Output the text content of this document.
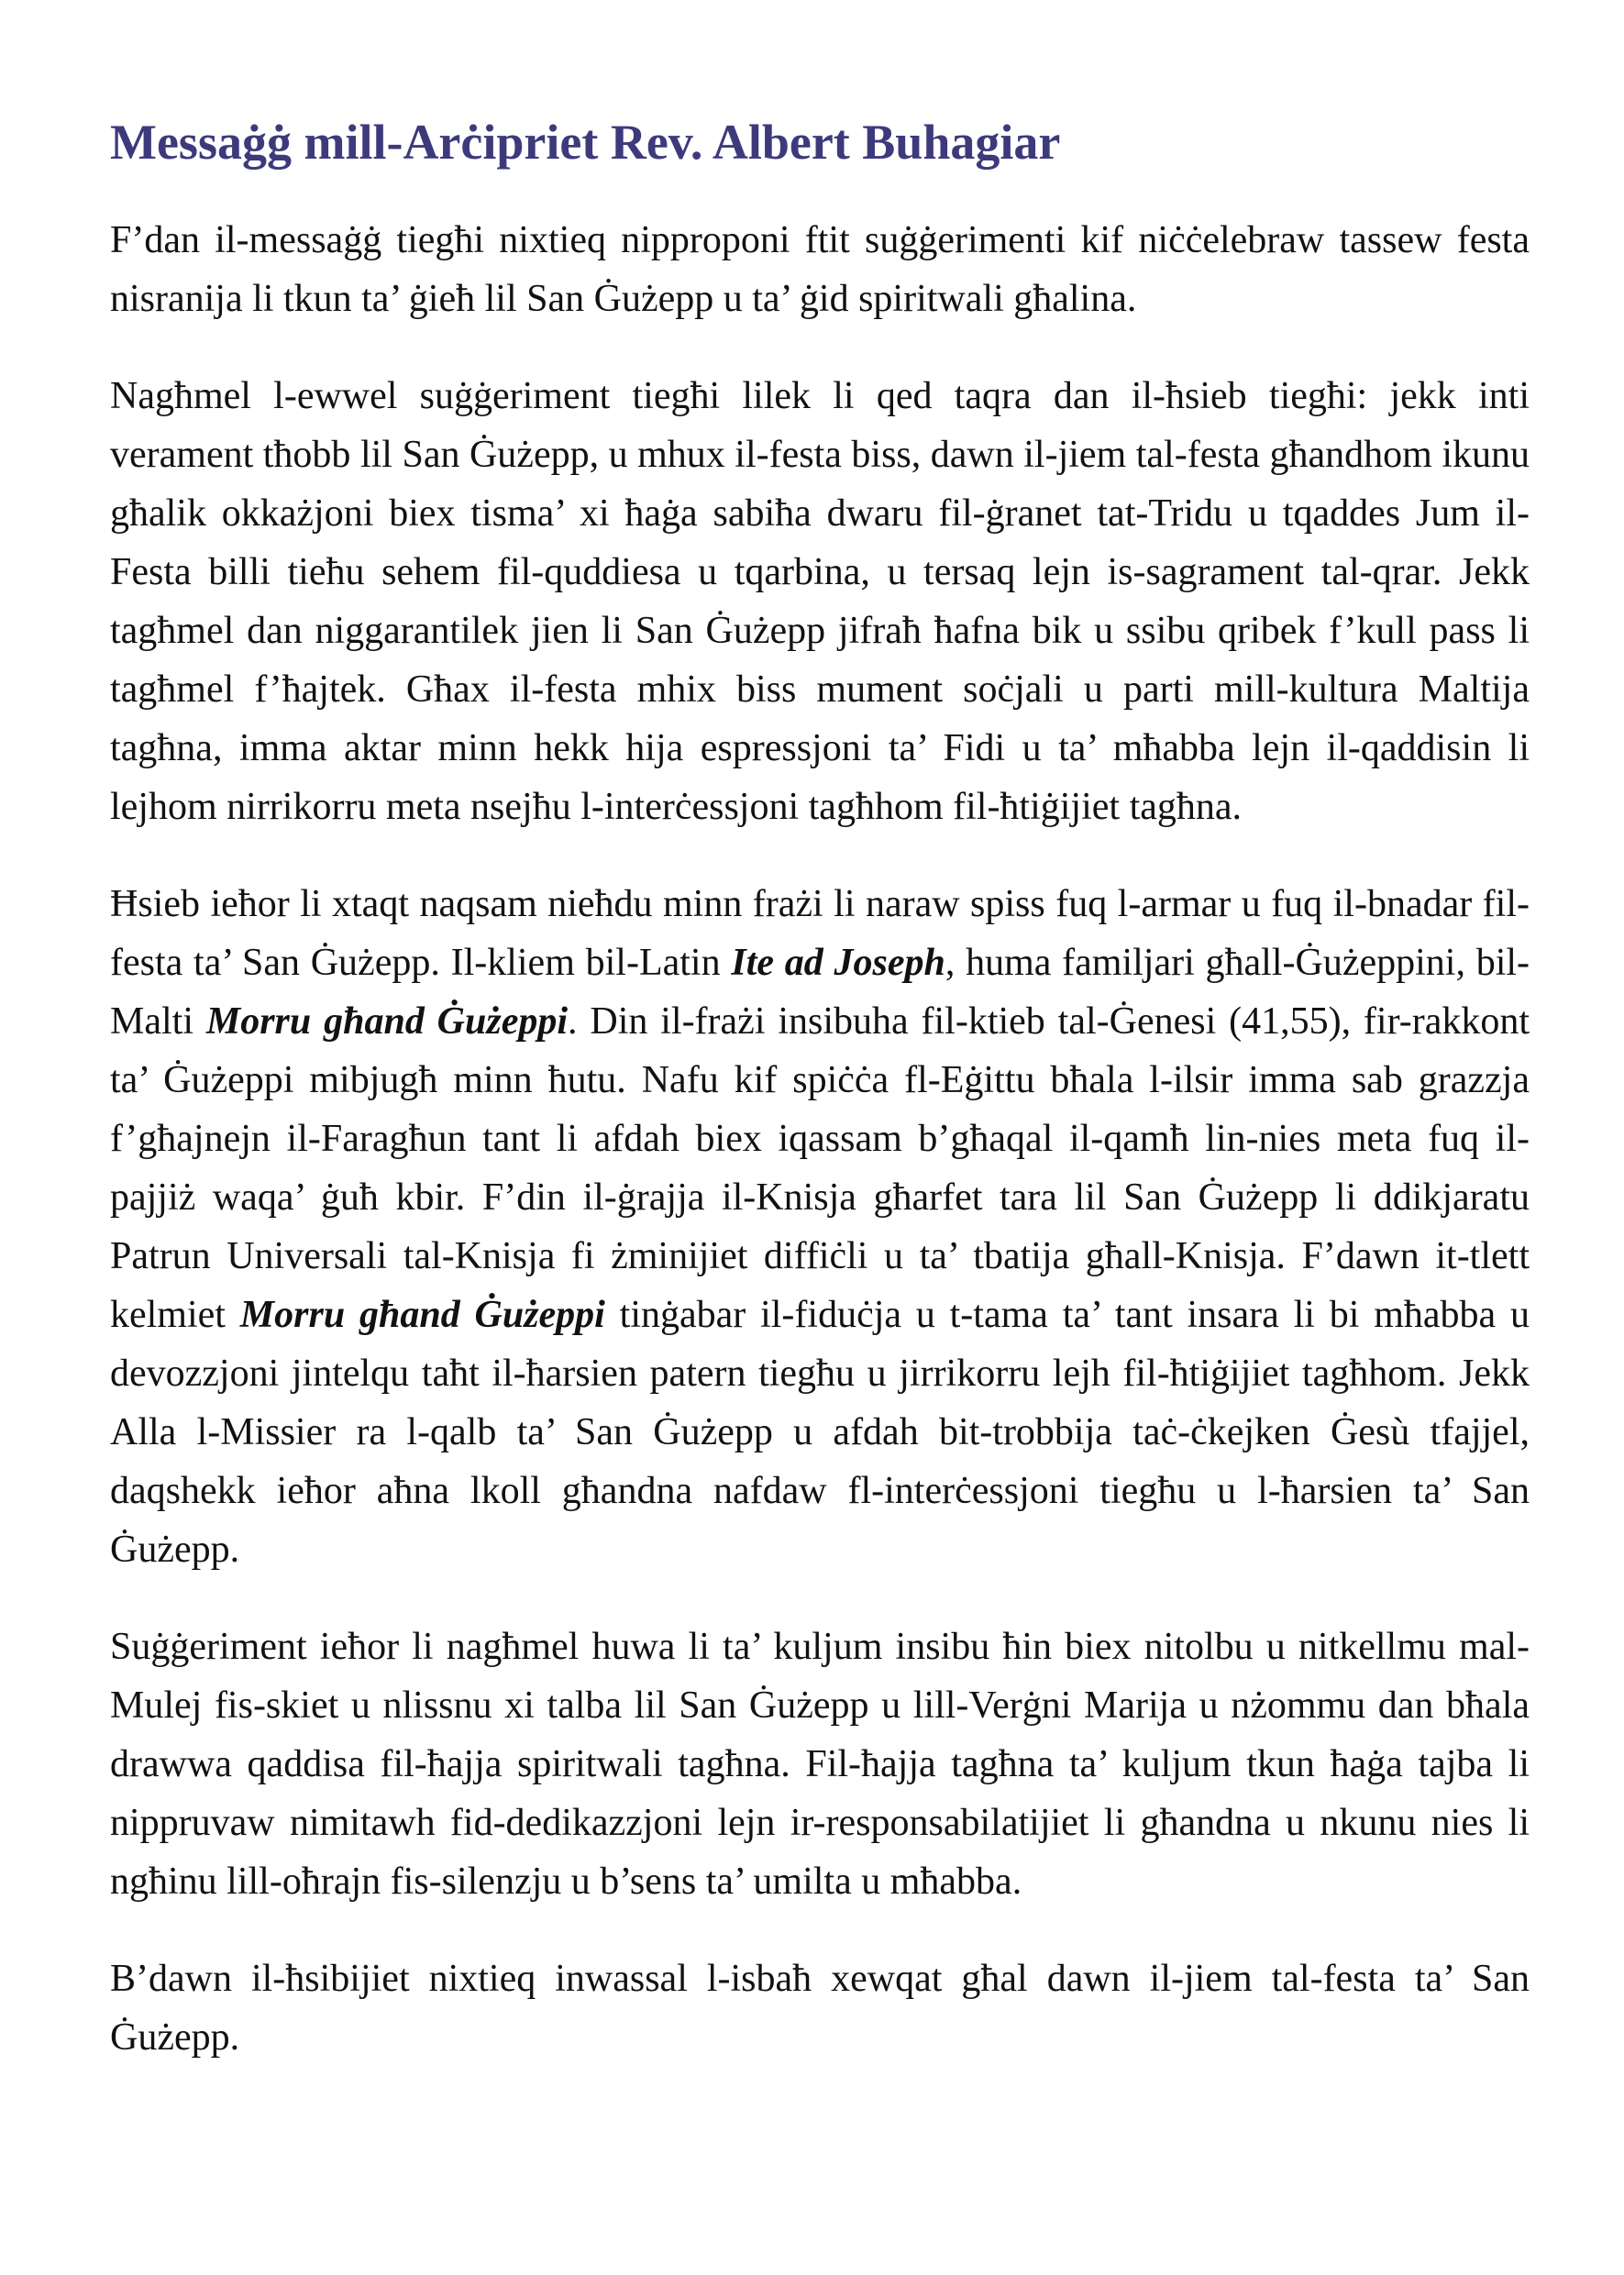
Messaġġ mill-Arċipriet Rev. Albert Buhagiar

F’dan il-messaġġ tiegħi nixtieq nipproponi ftit suġġerimenti kif niċċelebraw tassew festa nisranija li tkun ta’ ġieħ lil San Ġużepp u ta’ ġid spiritwali għalina.

Nagħmel l-ewwel suġġeriment tiegħi lilek li qed taqra dan il-ħsieb tiegħi: jekk inti verament tħobb lil San Ġużepp, u mhux il-festa biss, dawn il-jiem tal-festa għandhom ikunu għalik okkażjoni biex tisma’ xi ħaġa sabiħa dwaru fil-ġranet tat-Tridu u tqaddes Jum il-Festa billi tieħu sehem fil-quddiesa u tqarbina, u tersaq lejn is-sagrament tal-qrar. Jekk tagħmel dan niggarantilek jien li San Ġużepp jifraħ ħafna bik u ssibu qribek f’kull pass li tagħmel f’ħajtek. Għax il-festa mhix biss mument soċjali u parti mill-kultura Maltija tagħna, imma aktar minn hekk hija espressjoni ta’ Fidi u ta’ mħabba lejn il-qaddisin li lejhom nirrikorru meta nsejħu l-interċessjoni tagħhom fil-ħtiġijiet tagħna.

Ħsieb ieħor li xtaqt naqsam nieħdu minn frażi li naraw spiss fuq l-armar u fuq il-bnadar fil-festa ta’ San Ġużepp. Il-kliem bil-Latin Ite ad Joseph, huma familjari għall-Ġużeppini, bil-Malti Morru għand Ġużeppi. Din il-frażi insibuha fil-ktieb tal-Ġenesi (41,55), fir-rakkont ta’ Ġużeppi mibjugħ minn ħutu. Nafu kif spiċċa fl-Eġittu bħala l-ilsir imma sab grazzja f’għajnejn il-Faragħun tant li afdah biex iqassam b’għaqal il-qamħ lin-nies meta fuq il-pajjiż waqa’ ġuħ kbir. F’din il-ġrajja il-Knisja għarfet tara lil San Ġużepp li ddikjaratu Patrun Universali tal-Knisja fi żminijiet diffiċli u ta’ tbatija għall-Knisja. F’dawn it-tlett kelmiet Morru għand Ġużeppi tinġabar il-fiduċja u t-tama ta’ tant insara li bi mħabba u devozzjoni jintelqu taħt il-ħarsien patern tiegħu u jirrikorru lejh fil-ħtiġijiet tagħhom. Jekk Alla l-Missier ra l-qalb ta’ San Ġużepp u afdah bit-trobbija taċ-ċkejken Ġesù tfajjel, daqshekk ieħor aħna lkoll għandna nafdaw fl-interċessjoni tiegħu u l-ħarsien ta’ San Ġużepp.

Suġġeriment ieħor li nagħmel huwa li ta’ kuljum insibu ħin biex nitolbu u nitkellmu mal-Mulej fis-skiet u nlissnu xi talba lil San Ġużepp u lill-Verġni Marija u nżommu dan bħala drawwa qaddisa fil-ħajja spiritwali tagħna. Fil-ħajja tagħna ta’ kuljum tkun ħaġa tajba li nippruvaw nimitawh fid-dedikazzjoni lejn ir-responsabilatijiet li għandna u nkunu nies li ngħinu lill-oħrajn fis-silenzju u b’sens ta’ umilta u mħabba.

B’dawn il-ħsibijiet nixtieq inwassal l-isbaħ xewqat għal dawn il-jiem tal-festa ta’ San Ġużepp.
